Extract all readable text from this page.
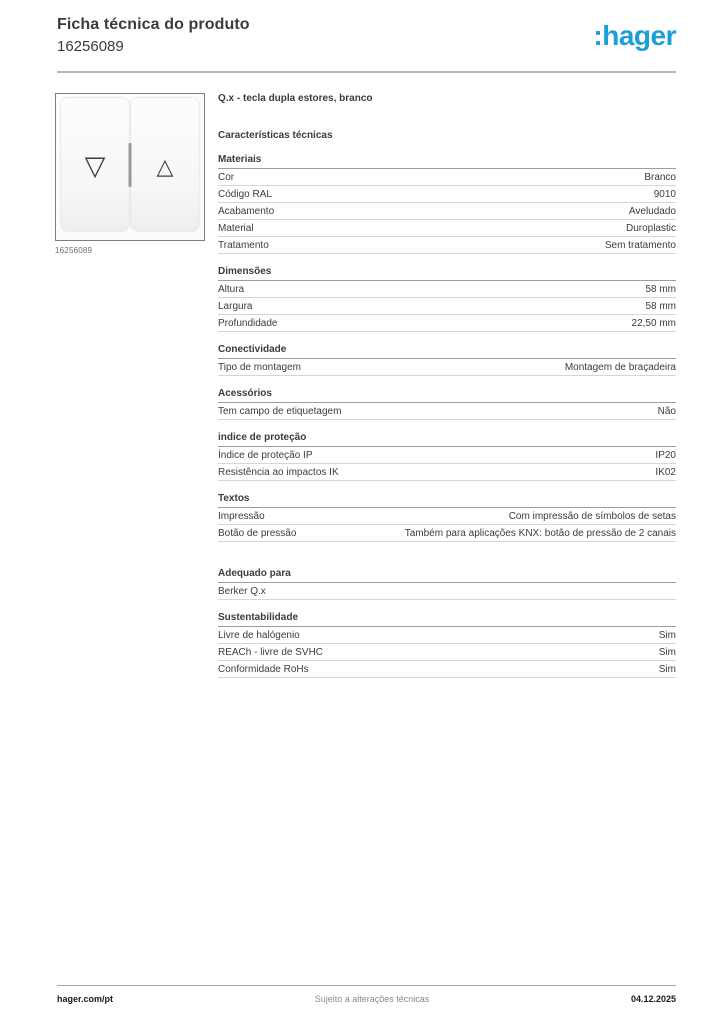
Ficha técnica do produto
16256089	:hager
▽ △
16256089
Q.x - tecla dupla estores, branco
Características técnicas
Materiais
Cor	Branco
Código RAL	9010
Acabamento	Aveludado
Material	Duroplastic
Tratamento	Sem tratamento
Dimensões
Altura	58 mm
Largura	58 mm
Profundidade	22,50 mm
Conectividade
Tipo de montagem	Montagem de braçadeira
Acessórios
Tem campo de etiquetagem	Não
indice de proteção
Índice de proteção IP	IP20
Resistência ao impactos IK	IK02
Textos
Impressão	Com impressão de símbolos de setas
Botão de pressão	Também para aplicações KNX: botão de pressão de 2 canais
Adequado para
Berker Q.x
Sustentabilidade
Livre de halógenio	Sim
REACh - livre de SVHC	Sim
Conformidade RoHs	Sim
hager.com/pt	Sujeito a alterações técnicas	04.12.2025
